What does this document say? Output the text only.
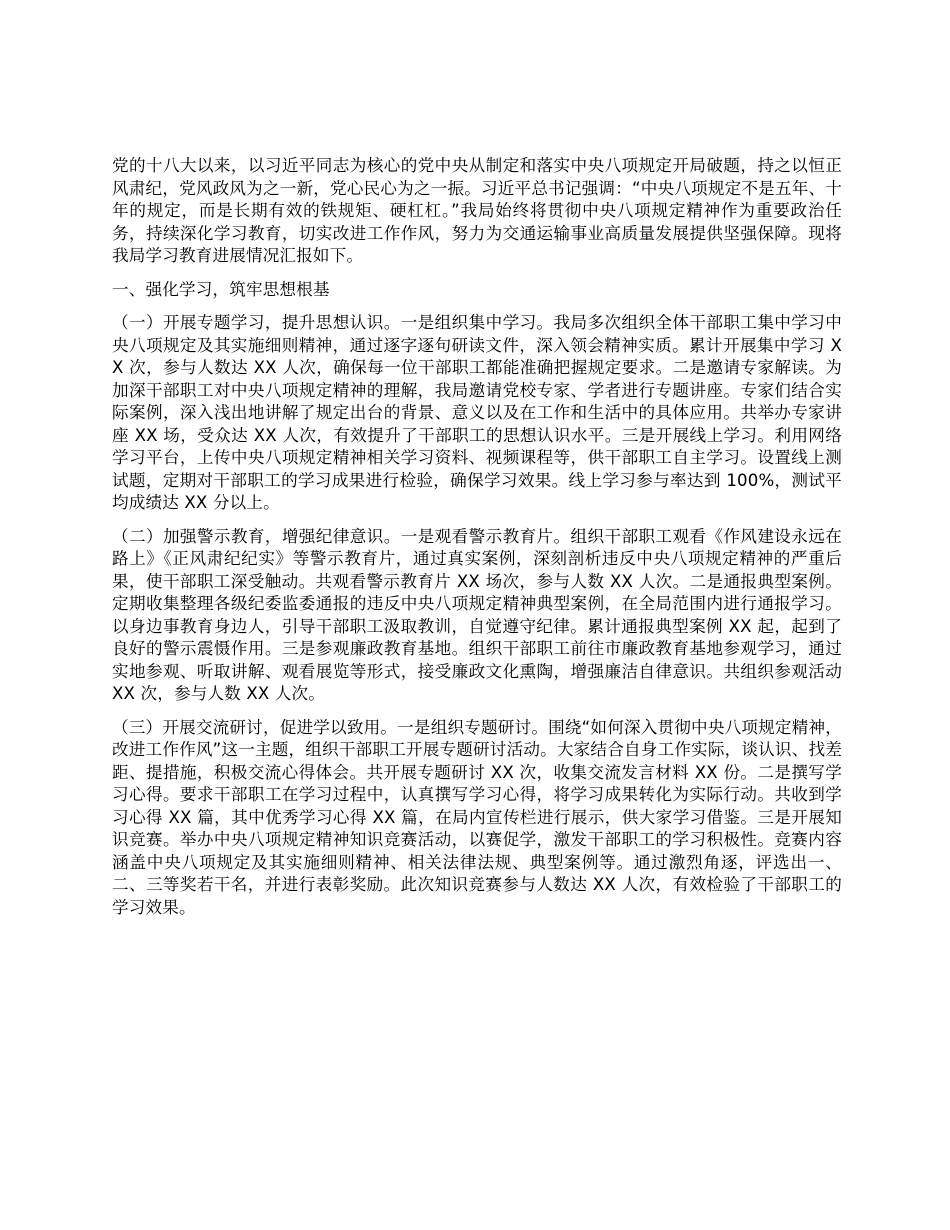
党的十八大以来，以习近平同志为核心的党中央从制定和落实中央八项规定开局破题，持之以恒正风肃纪，党风政风为之一新，党心民心为之一振。习近平总书记强调：“中央八项规定不是五年、十年的规定，而是长期有效的铁规矩、硬杠杠。”我局始终将贯彻中央八项规定精神作为重要政治任务，持续深化学习教育，切实改进工作作风，努力为交通运输事业高质量发展提供坚强保障。现将我局学习教育进展情况汇报如下。

一、强化学习，筑牢思想根基

（一）开展专题学习，提升思想认识。一是组织集中学习。我局多次组织全体干部职工集中学习中央八项规定及其实施细则精神，通过逐字逐句研读文件，深入领会精神实质。累计开展集中学习 XX 次，参与人数达 XX 人次，确保每一位干部职工都能准确把握规定要求。二是邀请专家解读。为加深干部职工对中央八项规定精神的理解，我局邀请党校专家、学者进行专题讲座。专家们结合实际案例，深入浅出地讲解了规定出台的背景、意义以及在工作和生活中的具体应用。共举办专家讲座 XX 场，受众达 XX 人次，有效提升了干部职工的思想认识水平。三是开展线上学习。利用网络学习平台，上传中央八项规定精神相关学习资料、视频课程等，供干部职工自主学习。设置线上测试题，定期对干部职工的学习成果进行检验，确保学习效果。线上学习参与率达到 100%，测试平均成绩达 XX 分以上。

（二）加强警示教育，增强纪律意识。一是观看警示教育片。组织干部职工观看《作风建设永远在路上》《正风肃纪纪实》等警示教育片，通过真实案例，深刻剖析违反中央八项规定精神的严重后果，使干部职工深受触动。共观看警示教育片 XX 场次，参与人数 XX 人次。二是通报典型案例。定期收集整理各级纪委监委通报的违反中央八项规定精神典型案例，在全局范围内进行通报学习。以身边事教育身边人，引导干部职工汲取教训，自觉遵守纪律。累计通报典型案例 XX 起，起到了良好的警示震慑作用。三是参观廉政教育基地。组织干部职工前往市廉政教育基地参观学习，通过实地参观、听取讲解、观看展览等形式，接受廉政文化熏陶，增强廉洁自律意识。共组织参观活动 XX 次，参与人数 XX 人次。

（三）开展交流研讨，促进学以致用。一是组织专题研讨。围绕“如何深入贯彻中央八项规定精神，改进工作作风”这一主题，组织干部职工开展专题研讨活动。大家结合自身工作实际，谈认识、找差距、提措施，积极交流心得体会。共开展专题研讨 XX 次，收集交流发言材料 XX 份。二是撰写学习心得。要求干部职工在学习过程中，认真撰写学习心得，将学习成果转化为实际行动。共收到学习心得 XX 篇，其中优秀学习心得 XX 篇，在局内宣传栏进行展示，供大家学习借鉴。三是开展知识竞赛。举办中央八项规定精神知识竞赛活动，以赛促学，激发干部职工的学习积极性。竞赛内容涵盖中央八项规定及其实施细则精神、相关法律法规、典型案例等。通过激烈角逐，评选出一、二、三等奖若干名，并进行表彰奖励。此次知识竞赛参与人数达 XX 人次，有效检验了干部职工的学习效果。
